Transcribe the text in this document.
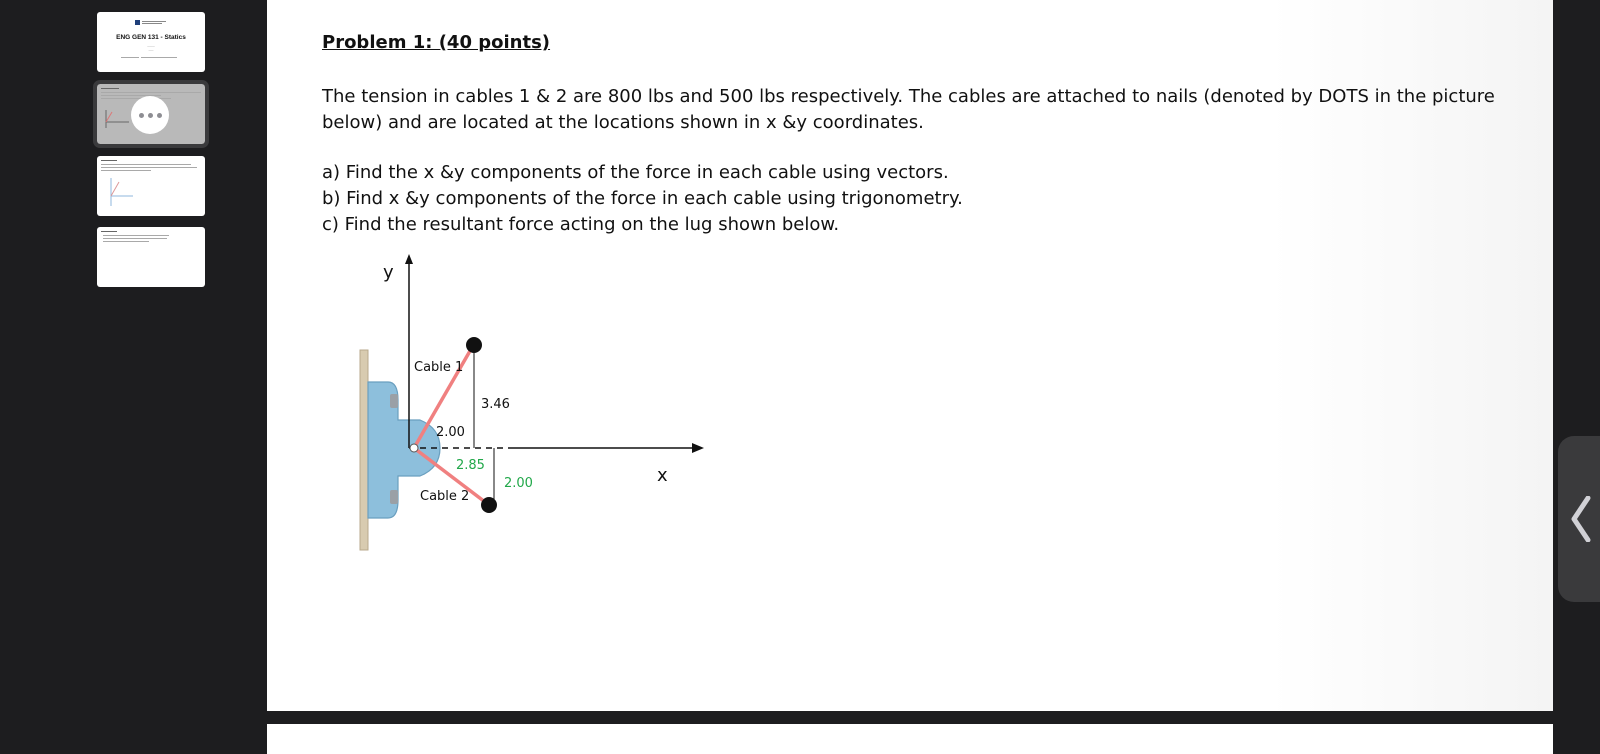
ENG GEN 131 - Statics
———
——	Problem 1: (40 points)
The tension in cables 1 & 2 are 800 lbs and 500 lbs respectively. The cables are attached to nails (denoted by DOTS in the picture below) and are located at the locations shown in x &y coordinates.
a) Find the x &y components of the force in each cable using vectors.
b) Find x &y components of the force in each cable using trigonometry.
c) Find the resultant force acting on the lug shown below.
y
x
Cable 1
3.46
2.00
2.85
2.00
Cable 2
